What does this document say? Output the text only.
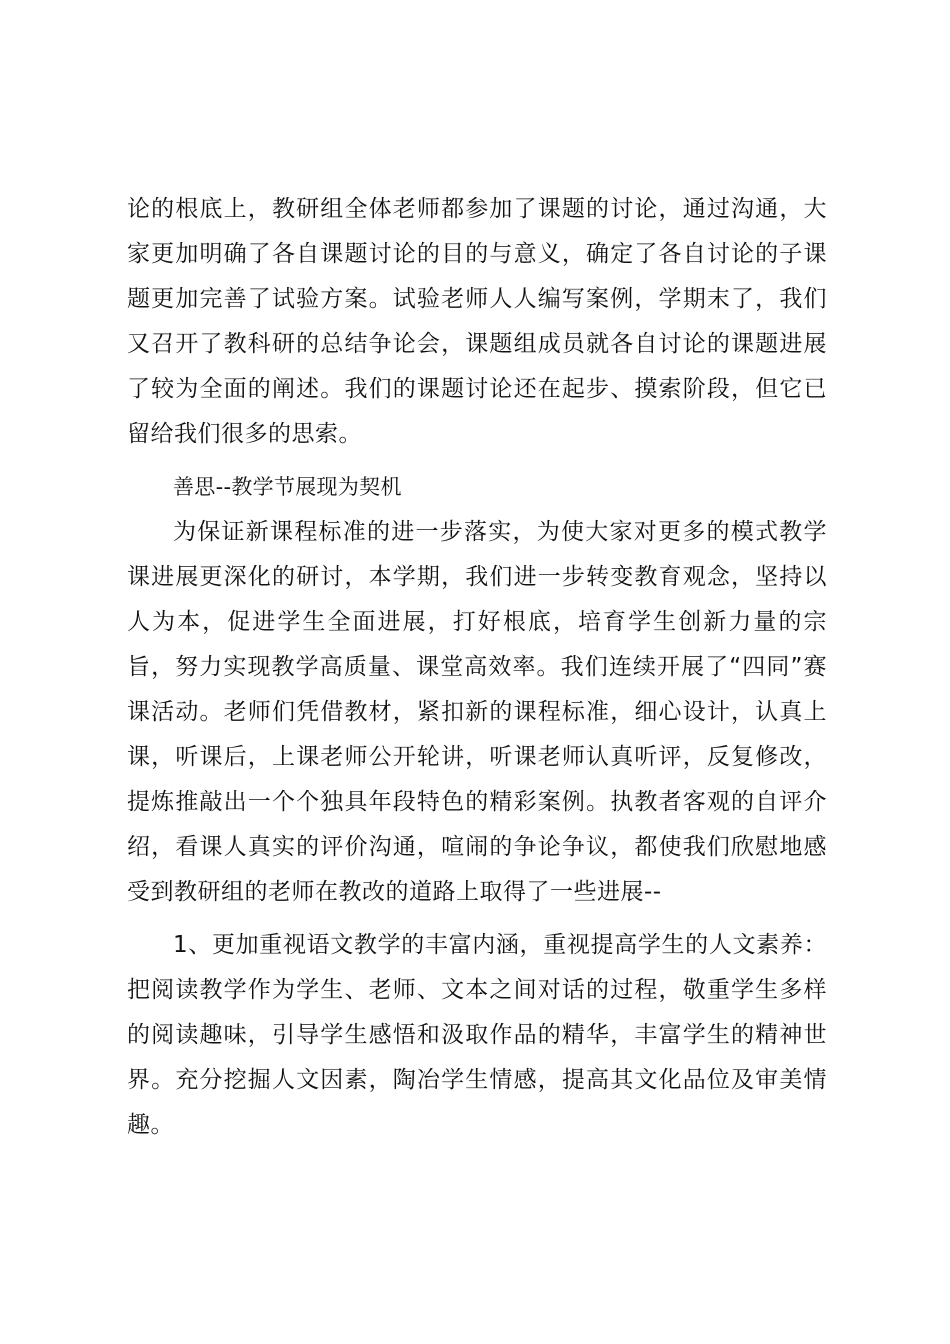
论的根底上，教研组全体老师都参加了课题的讨论，通过沟通，大家更加明确了各自课题讨论的目的与意义，确定了各自讨论的子课题更加完善了试验方案。试验老师人人编写案例，学期末了，我们又召开了教科研的总结争论会，课题组成员就各自讨论的课题进展了较为全面的阐述。我们的课题讨论还在起步、摸索阶段，但它已留给我们很多的思索。

善思--教学节展现为契机

为保证新课程标准的进一步落实，为使大家对更多的模式教学课进展更深化的研讨，本学期，我们进一步转变教育观念，坚持以人为本，促进学生全面进展，打好根底，培育学生创新力量的宗旨，努力实现教学高质量、课堂高效率。我们连续开展了“四同”赛课活动。老师们凭借教材，紧扣新的课程标准，细心设计，认真上课，听课后，上课老师公开轮讲，听课老师认真听评，反复修改，提炼推敲出一个个独具年段特色的精彩案例。执教者客观的自评介绍，看课人真实的评价沟通，喧闹的争论争议，都使我们欣慰地感受到教研组的老师在教改的道路上取得了一些进展--

1、更加重视语文教学的丰富内涵，重视提高学生的人文素养：把阅读教学作为学生、老师、文本之间对话的过程，敬重学生多样的阅读趣味，引导学生感悟和汲取作品的精华，丰富学生的精神世界。充分挖掘人文因素，陶冶学生情感，提高其文化品位及审美情趣。
